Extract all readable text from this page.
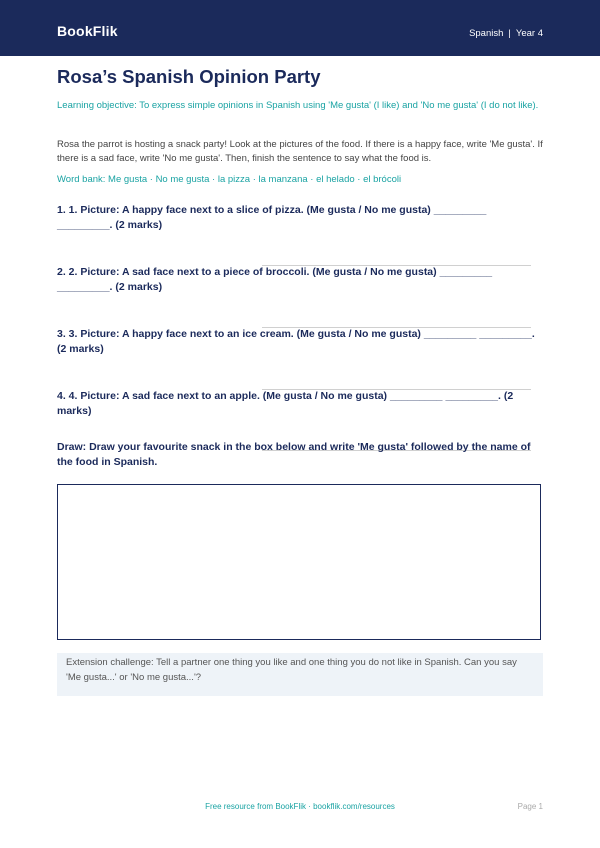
BookFlik	Spanish | Year 4
Rosa’s Spanish Opinion Party
Learning objective: To express simple opinions in Spanish using 'Me gusta' (I like) and 'No me gusta' (I do not like).
Rosa the parrot is hosting a snack party! Look at the pictures of the food. If there is a happy face, write 'Me gusta'. If there is a sad face, write 'No me gusta'. Then, finish the sentence to say what the food is.
Word bank: Me gusta · No me gusta · la pizza · la manzana · el helado · el brócoli
1. 1. Picture: A happy face next to a slice of pizza. (Me gusta / No me gusta) _________ _________. (2 marks)
2. 2. Picture: A sad face next to a piece of broccoli. (Me gusta / No me gusta) _________ _________. (2 marks)
3. 3. Picture: A happy face next to an ice cream. (Me gusta / No me gusta) _________ _________. (2 marks)
4. 4. Picture: A sad face next to an apple. (Me gusta / No me gusta) _________ _________. (2 marks)
Draw: Draw your favourite snack in the box below and write 'Me gusta' followed by the name of the food in Spanish.
Extension challenge: Tell a partner one thing you like and one thing you do not like in Spanish. Can you say 'Me gusta...' or 'No me gusta...'?
Free resource from BookFlik · bookflik.com/resources	Page 1
